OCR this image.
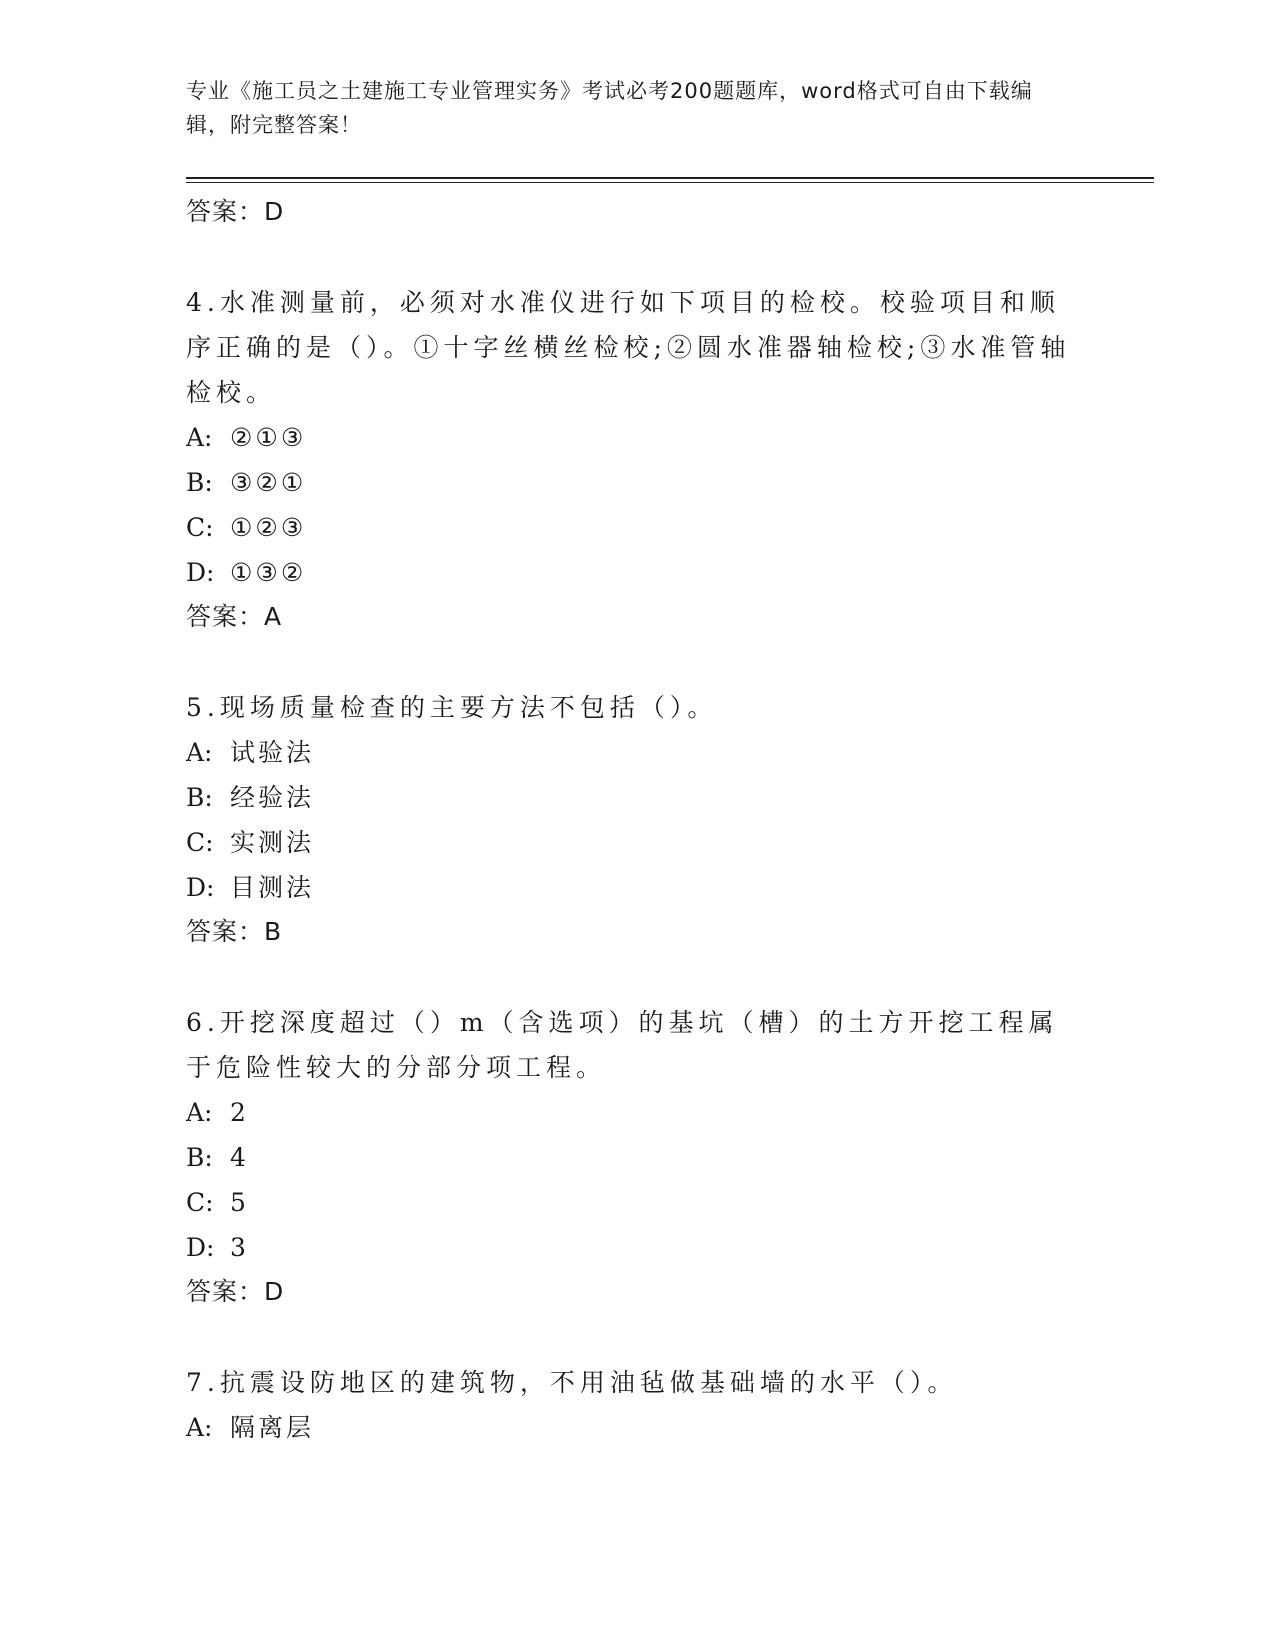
专业《施工员之土建施工专业管理实务》考试必考200题题库，word格式可自由下载编辑，附完整答案！
答案：D
4.水准测量前，必须对水准仪进行如下项目的检校。校验项目和顺序正确的是（）。①十字丝横丝检校;②圆水准器轴检校;③水准管轴检校。
A: ②①③
B: ③②①
C: ①②③
D: ①③②
答案：A
5.现场质量检查的主要方法不包括（）。
A: 试验法
B: 经验法
C: 实测法
D: 目测法
答案：B
6.开挖深度超过（）m（含选项）的基坑（槽）的土方开挖工程属于危险性较大的分部分项工程。
A: 2
B: 4
C: 5
D: 3
答案：D
7.抗震设防地区的建筑物，不用油毡做基础墙的水平（）。
A: 隔离层
